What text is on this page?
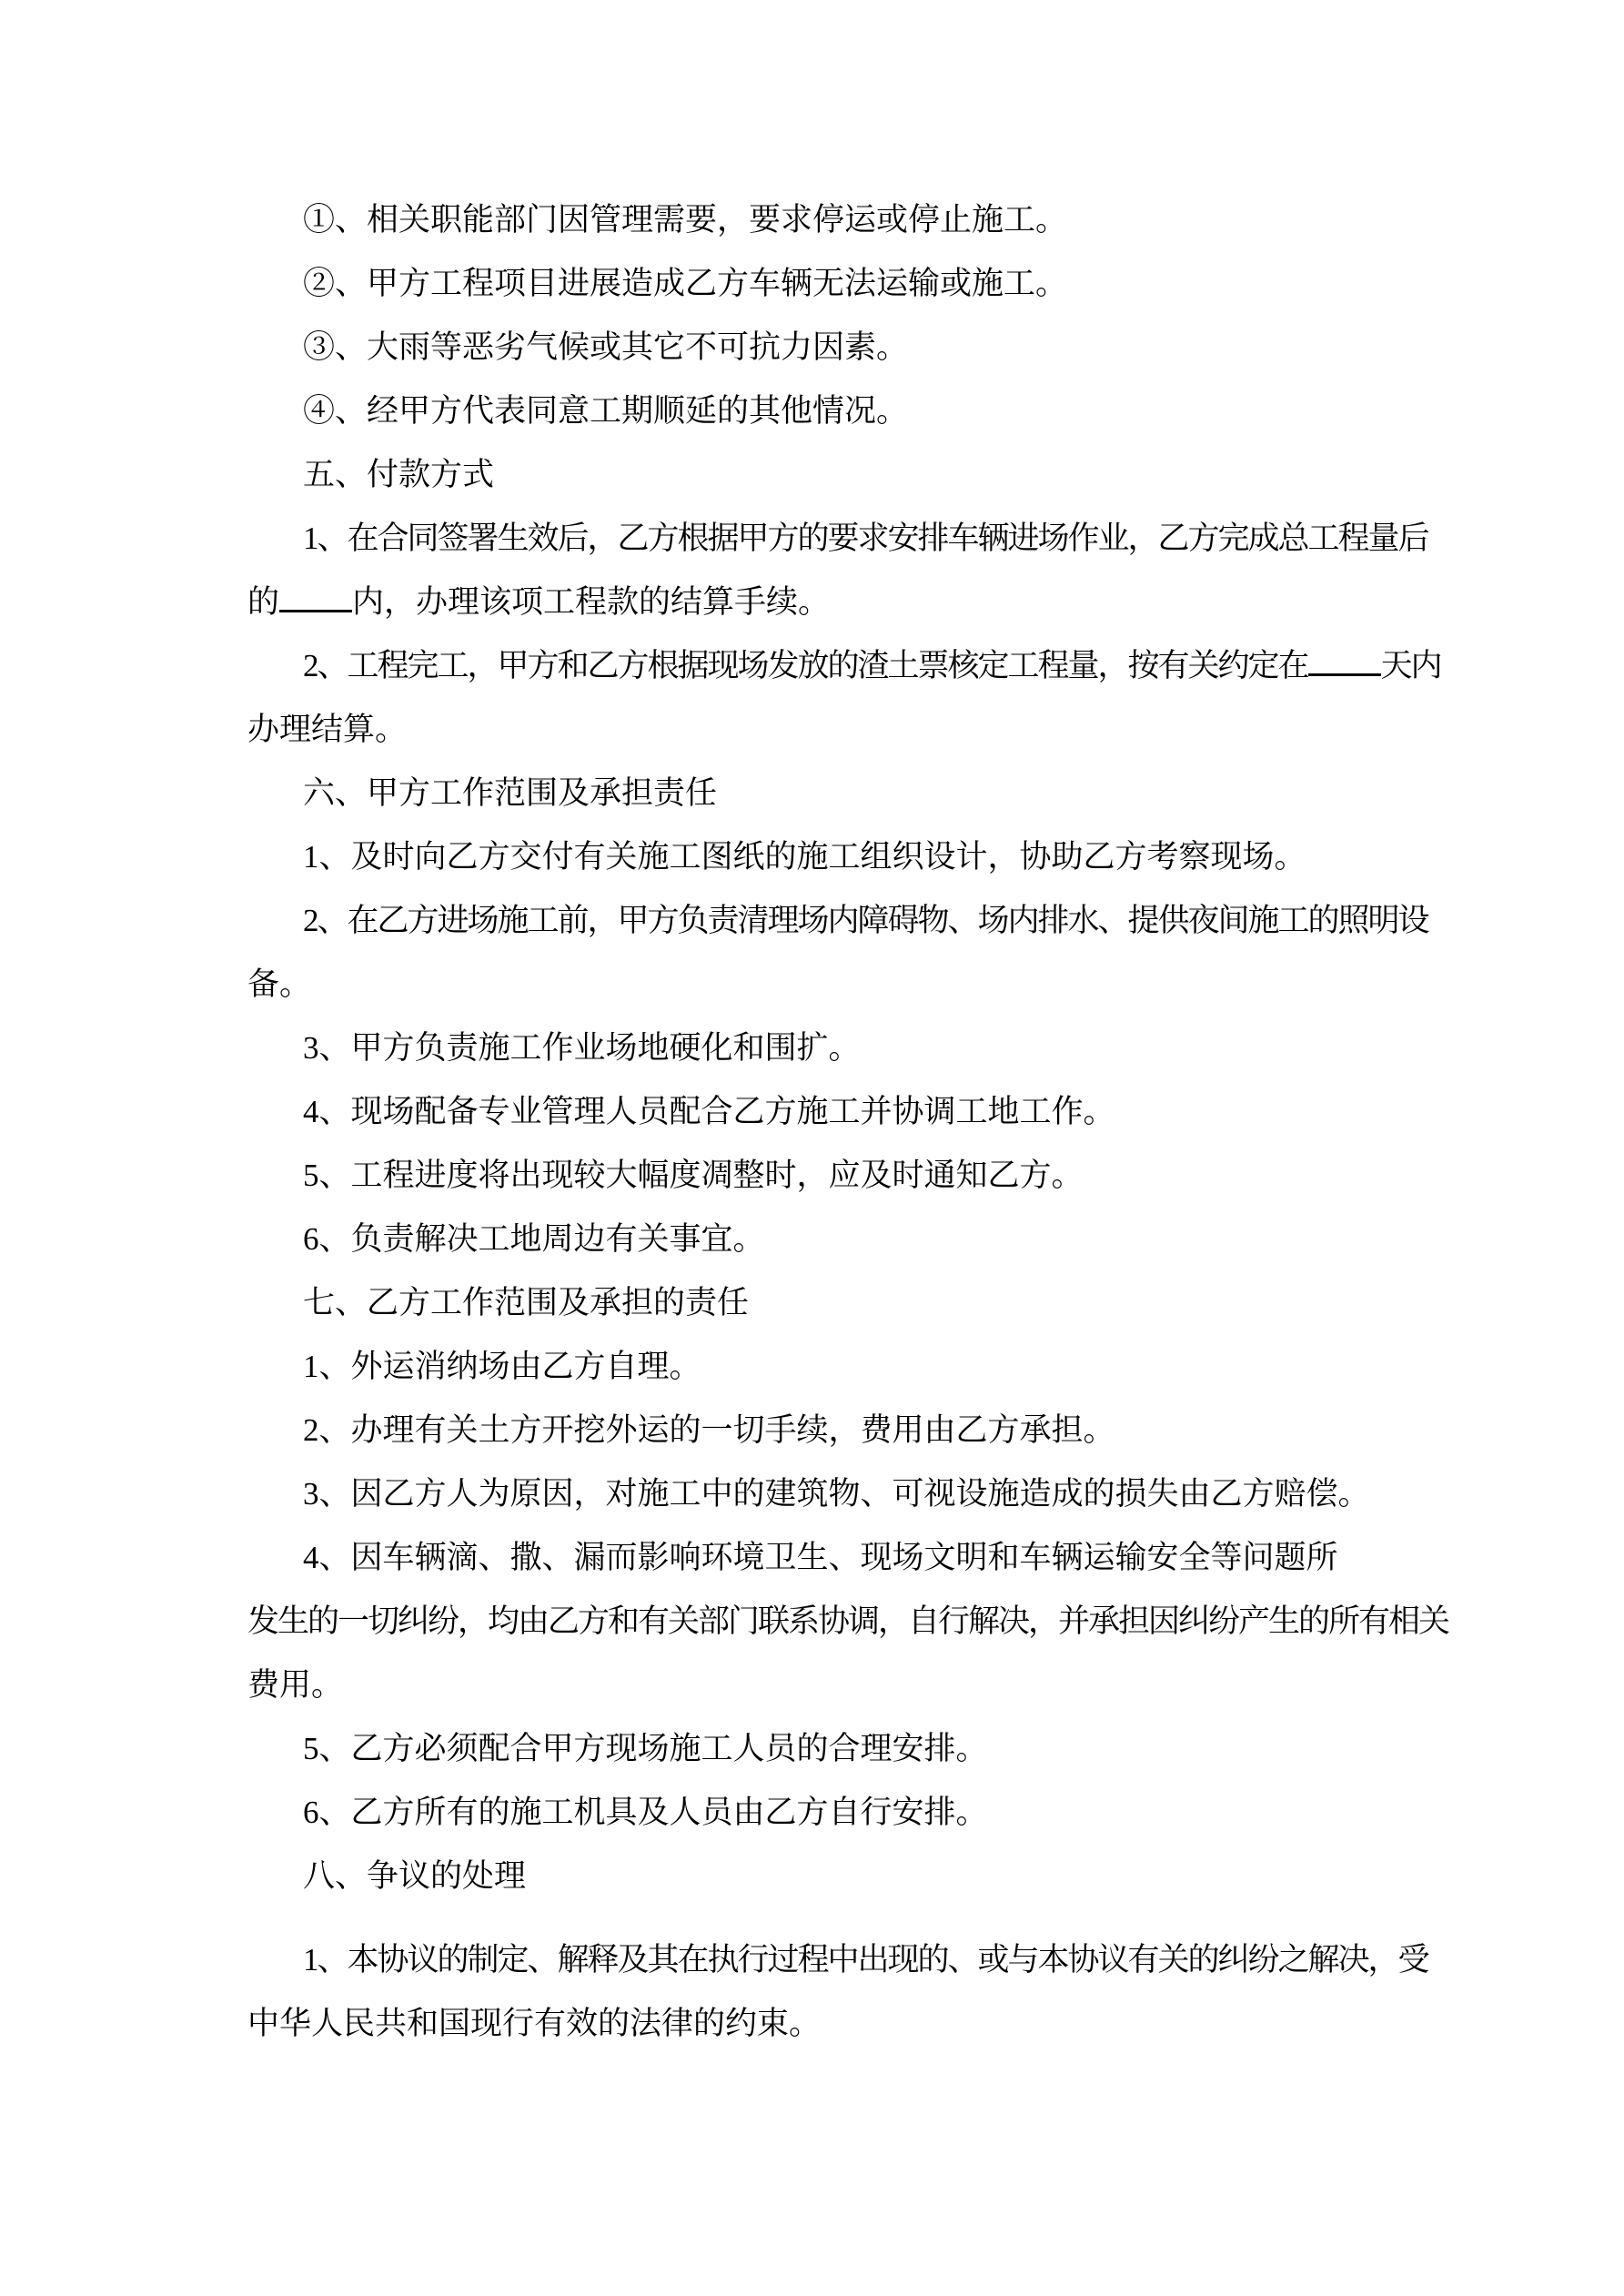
①、相关职能部门因管理需要，要求停运或停止施工。
②、甲方工程项目进展造成乙方车辆无法运输或施工。
③、大雨等恶劣气候或其它不可抗力因素。
④、经甲方代表同意工期顺延的其他情况。
五、付款方式
1、在合同签署生效后，乙方根据甲方的要求安排车辆进场作业，乙方完成总工程量后
的 内，办理该项工程款的结算手续。
2、工程完工，甲方和乙方根据现场发放的渣土票核定工程量，按有关约定在 天内
办理结算。
六、甲方工作范围及承担责任
1、及时向乙方交付有关施工图纸的施工组织设计，协助乙方考察现场。
2、在乙方进场施工前，甲方负责清理场内障碍物、场内排水、提供夜间施工的照明设
备。
3、甲方负责施工作业场地硬化和围扩。
4、现场配备专业管理人员配合乙方施工并协调工地工作。
5、工程进度将出现较大幅度凋整时，应及时通知乙方。
6、负责解决工地周边有关事宜。
七、乙方工作范围及承担的责任
1、外运消纳场由乙方自理。
2、办理有关土方开挖外运的一切手续，费用由乙方承担。
3、因乙方人为原因，对施工中的建筑物、可视设施造成的损失由乙方赔偿。
4、因车辆滴、撒、漏而影响环境卫生、现场文明和车辆运输安全等问题所
发生的一切纠纷，均由乙方和有关部门联系协调，自行解决，并承担因纠纷产生的所有相关
费用。
5、乙方必须配合甲方现场施工人员的合理安排。
6、乙方所有的施工机具及人员由乙方自行安排。
八、争议的处理
1、本协议的制定、解释及其在执行过程中出现的、或与本协议有关的纠纷之解决，受
中华人民共和国现行有效的法律的约束。
